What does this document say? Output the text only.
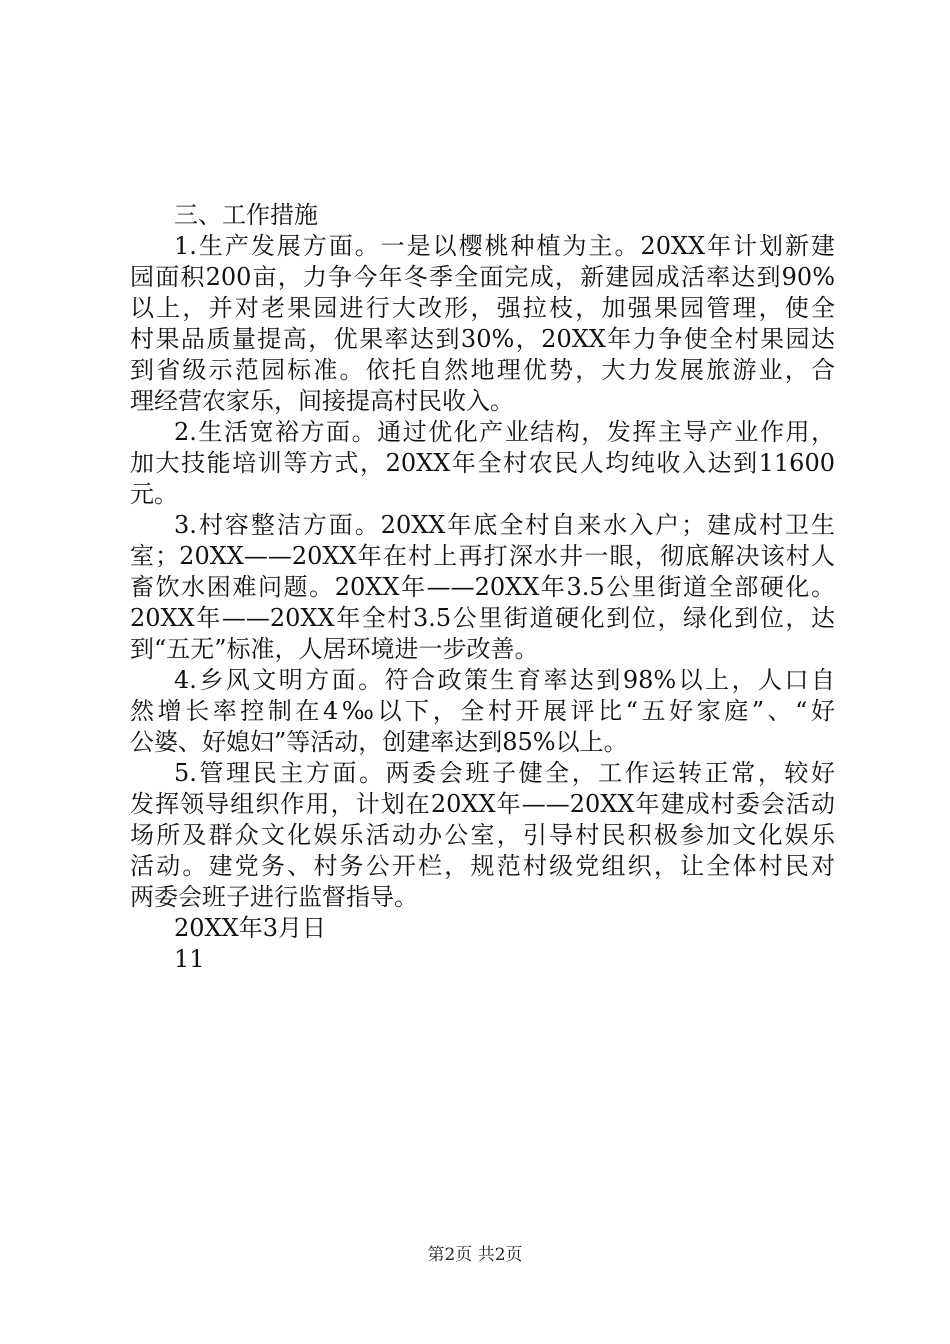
三、工作措施
1.生产发展方面。一是以樱桃种植为主。20XX年计划新建
园面积200亩，力争今年冬季全面完成，新建园成活率达到90%
以上，并对老果园进行大改形，强拉枝，加强果园管理，使全
村果品质量提高，优果率达到30%，20XX年力争使全村果园达
到省级示范园标准。依托自然地理优势，大力发展旅游业，合
理经营农家乐，间接提高村民收入。
2.生活宽裕方面。通过优化产业结构，发挥主导产业作用，
加大技能培训等方式，20XX年全村农民人均纯收入达到11600
元。
3.村容整洁方面。20XX年底全村自来水入户；建成村卫生
室；20XX——20XX年在村上再打深水井一眼，彻底解决该村人
畜饮水困难问题。20XX年——20XX年3.5公里街道全部硬化。
20XX年——20XX年全村3.5公里街道硬化到位，绿化到位，达
到“五无”标准，人居环境进一步改善。
4.乡风文明方面。符合政策生育率达到98%以上，人口自
然增长率控制在4‰以下，全村开展评比“五好家庭”、“好
公婆、好媳妇”等活动，创建率达到85%以上。
5.管理民主方面。两委会班子健全，工作运转正常，较好
发挥领导组织作用，计划在20XX年——20XX年建成村委会活动
场所及群众文化娱乐活动办公室，引导村民积极参加文化娱乐
活动。建党务、村务公开栏，规范村级党组织，让全体村民对
两委会班子进行监督指导。
20XX年3月日
11
第2页 共2页
